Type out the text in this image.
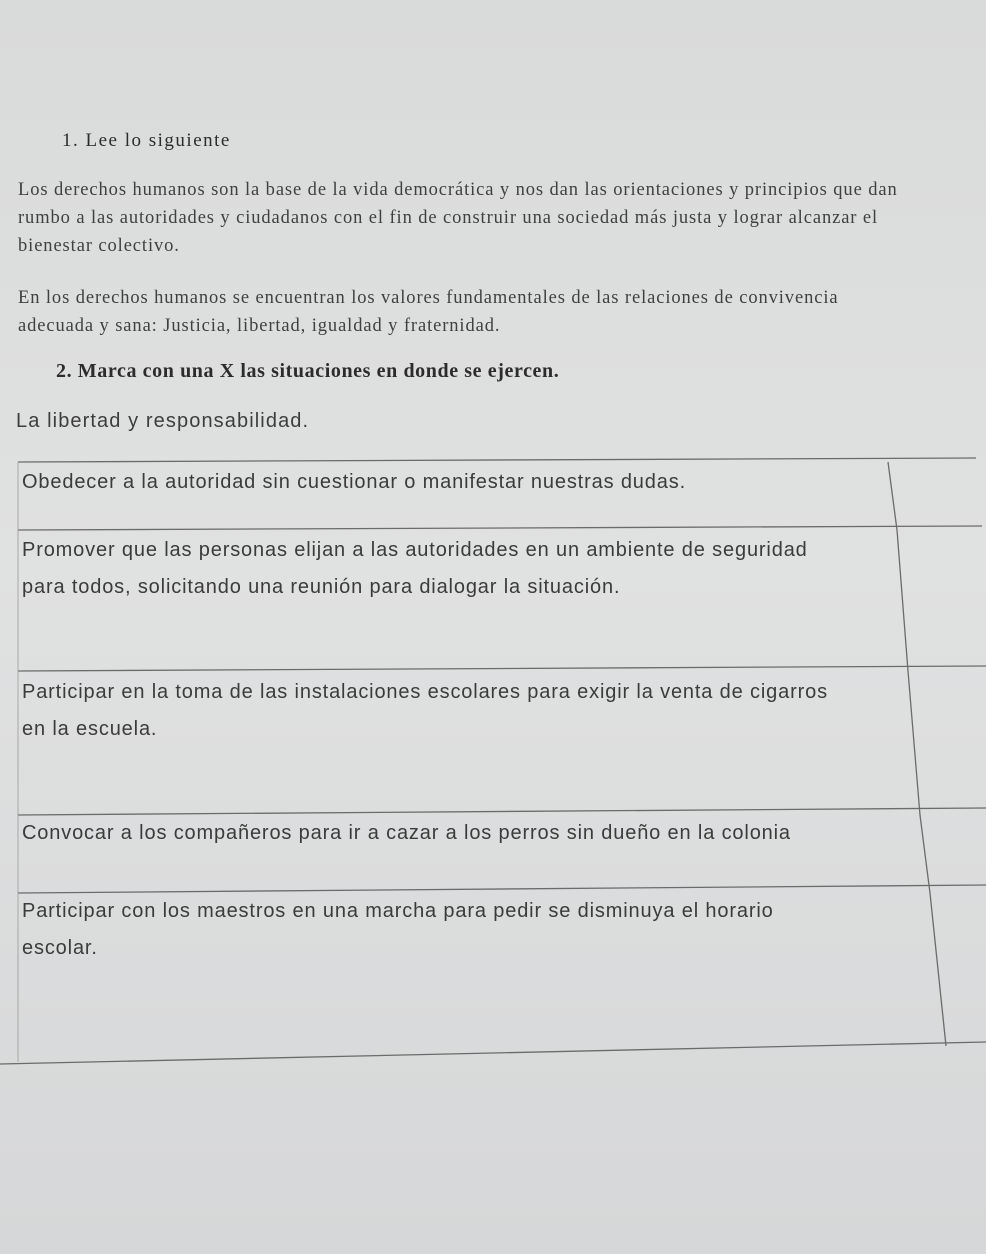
1. Lee lo siguiente

Los derechos humanos son la base de la vida democrática y nos dan las orientaciones y principios que dan rumbo a las autoridades y ciudadanos con el fin de construir una sociedad más justa y lograr alcanzar el bienestar colectivo.

En los derechos humanos se encuentran los valores fundamentales de las relaciones de convivencia adecuada y sana: Justicia, libertad, igualdad y fraternidad.

2. Marca con una X las situaciones en donde se ejercen.

La libertad y responsabilidad.

Obedecer a la autoridad sin cuestionar o manifestar nuestras dudas.

Promover que las personas elijan a las autoridades en un ambiente de seguridad
para todos, solicitando una reunión para dialogar la situación.

Participar en la toma de las instalaciones escolares para exigir la venta de cigarros
en la escuela.

Convocar a los compañeros para ir a cazar a los perros sin dueño en la colonia

Participar con los maestros en una marcha para pedir se disminuya el horario
escolar.
